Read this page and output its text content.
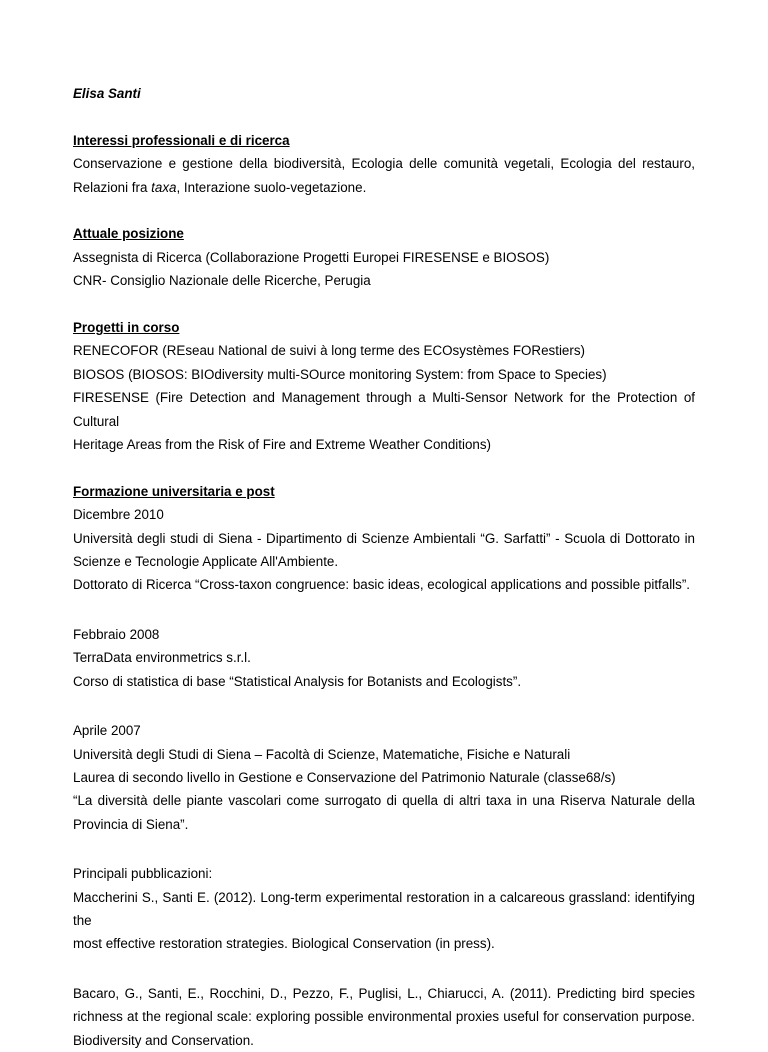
Elisa Santi
Interessi professionali e di ricerca
Conservazione e gestione della biodiversità, Ecologia delle comunità vegetali, Ecologia del restauro,
Relazioni fra taxa, Interazione suolo-vegetazione.
Attuale posizione
Assegnista di Ricerca (Collaborazione Progetti Europei FIRESENSE e BIOSOS)
CNR- Consiglio Nazionale delle Ricerche, Perugia
Progetti in corso
RENECOFOR (REseau National de suivi à long terme des ECOsystèmes FORestiers)
BIOSOS (BIOSOS: BIOdiversity multi-SOurce monitoring System: from Space to Species)
FIRESENSE (Fire Detection and Management through a Multi-Sensor Network for the Protection of Cultural
Heritage Areas from the Risk of Fire and Extreme Weather Conditions)
Formazione universitaria e post
Dicembre 2010
Università degli studi di Siena - Dipartimento di Scienze Ambientali “G. Sarfatti” - Scuola di Dottorato in
Scienze e Tecnologie Applicate All'Ambiente.
Dottorato di Ricerca “Cross-taxon congruence: basic ideas, ecological applications and possible pitfalls”.
Febbraio 2008
TerraData environmetrics s.r.l.
Corso di statistica di base “Statistical Analysis for Botanists and Ecologists”.
Aprile 2007
Università degli Studi di Siena – Facoltà di Scienze, Matematiche, Fisiche e Naturali
Laurea di secondo livello in Gestione e Conservazione del Patrimonio Naturale (classe68/s)
“La diversità delle piante vascolari come surrogato di quella di altri taxa in una Riserva Naturale della
Provincia di Siena”.
Principali pubblicazioni:
Maccherini S., Santi E. (2012). Long-term experimental restoration in a calcareous grassland: identifying the
most effective restoration strategies. Biological Conservation (in press).
Bacaro, G., Santi, E., Rocchini, D., Pezzo, F., Puglisi, L., Chiarucci, A. (2011). Predicting bird species
richness at the regional scale: exploring possible environmental proxies useful for conservation purpose.
Biodiversity and Conservation.
